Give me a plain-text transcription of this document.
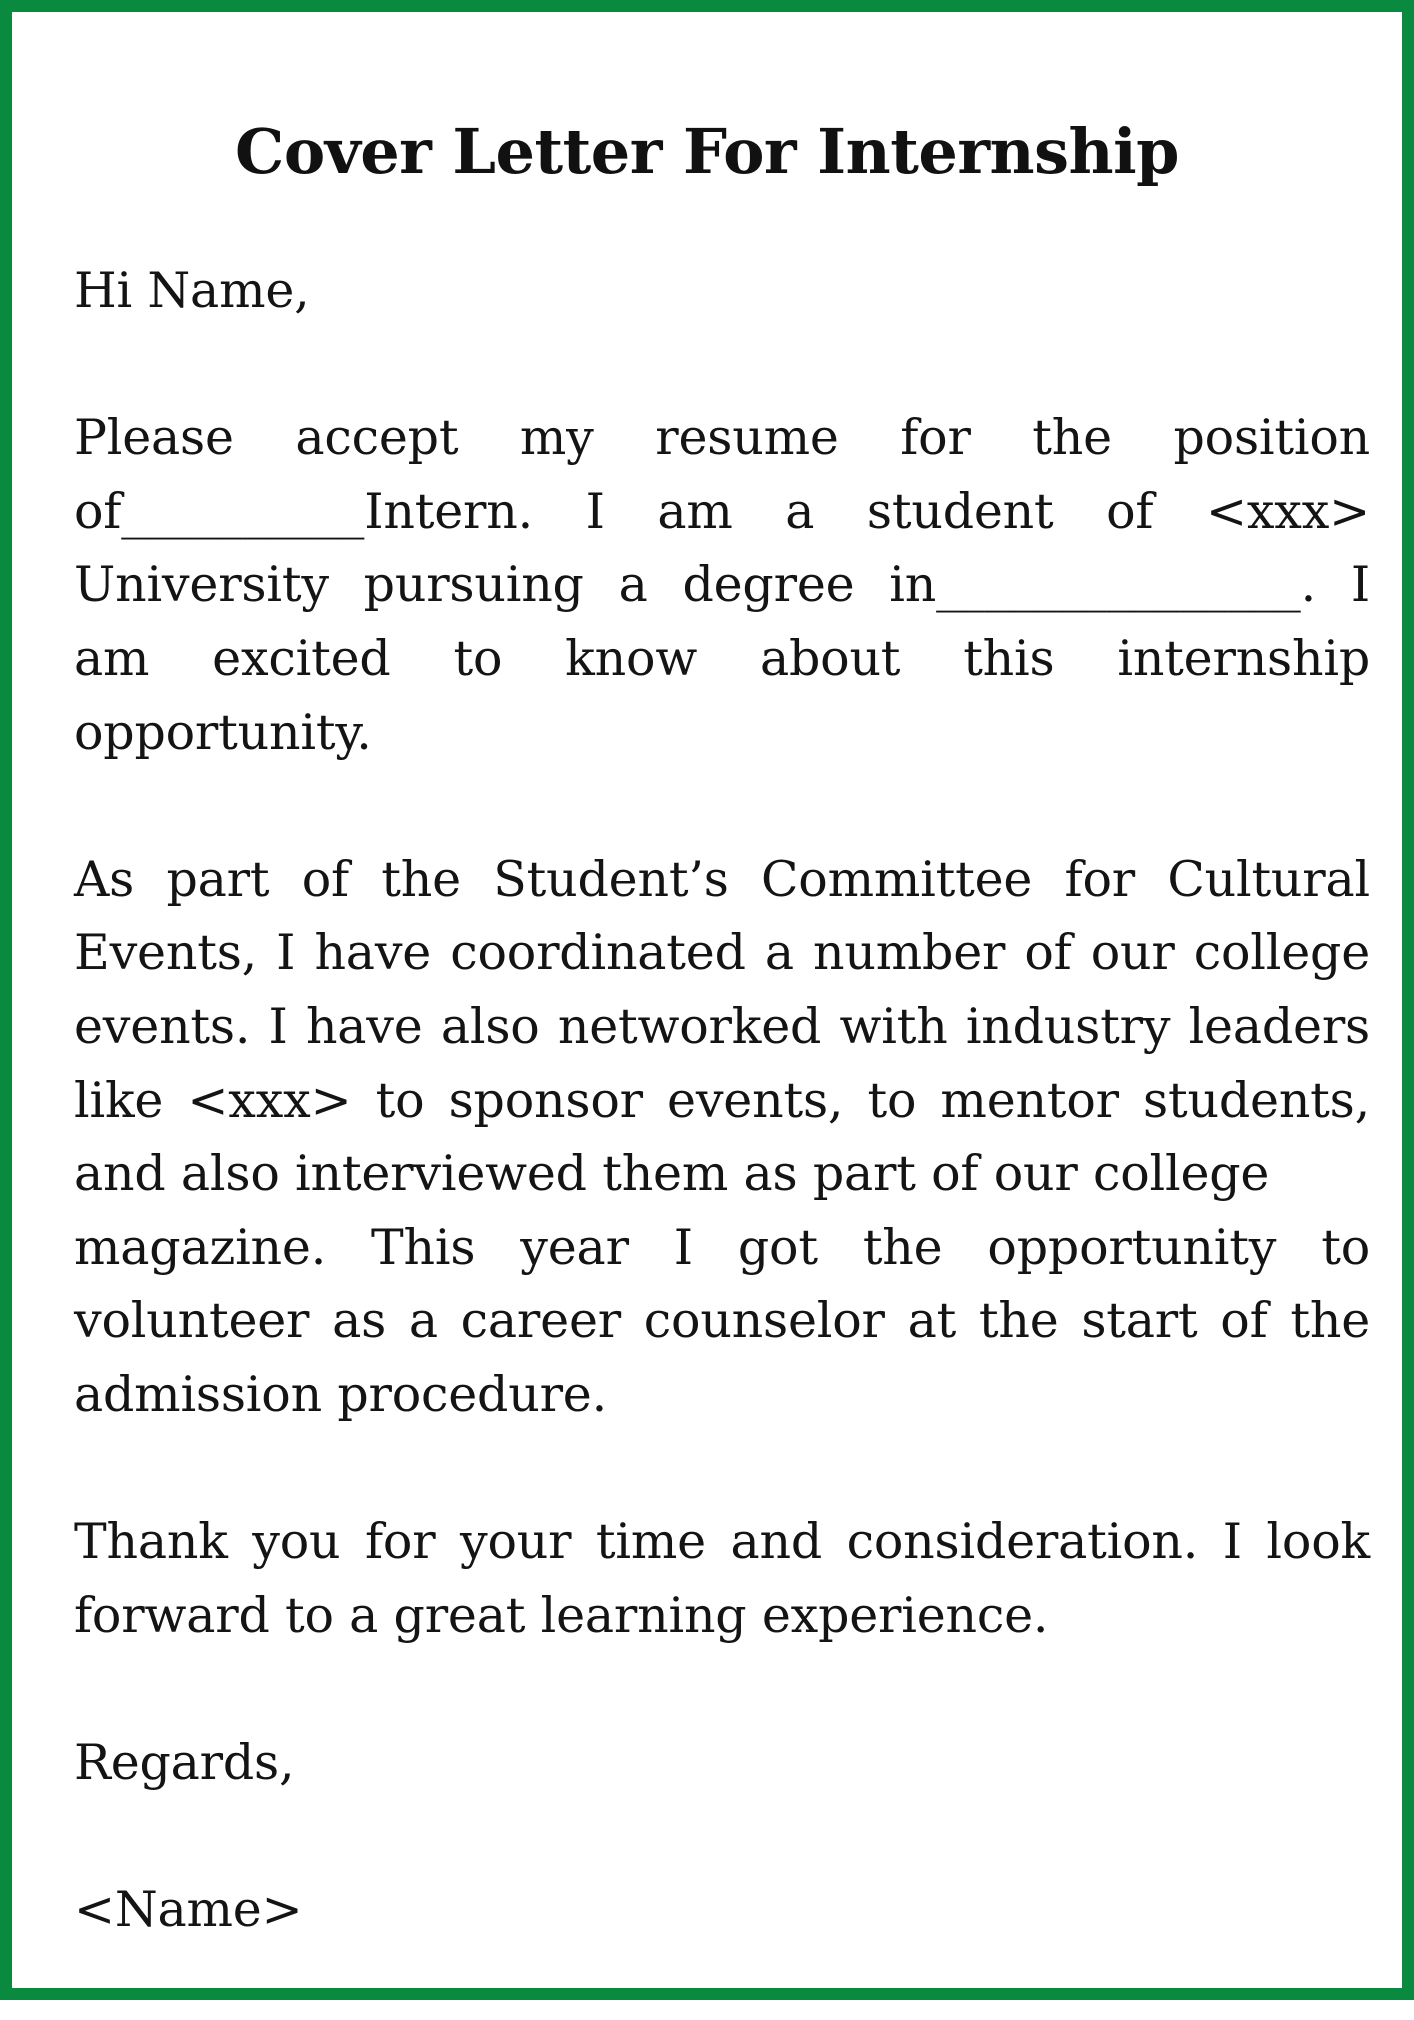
Cover Letter For Internship

Hi Name,

Please accept my resume for the position
of__________Intern. I am a student of <xxx>
University pursuing a degree in_______________. I
am excited to know about this internship
opportunity.

As part of the Student’s Committee for Cultural
Events, I have coordinated a number of our college
events. I have also networked with industry leaders
like <xxx> to sponsor events, to mentor students,
and also interviewed them as part of our college
magazine. This year I got the opportunity to
volunteer as a career counselor at the start of the
admission procedure.

Thank you for your time and consideration. I look
forward to a great learning experience.

Regards,

<Name>
